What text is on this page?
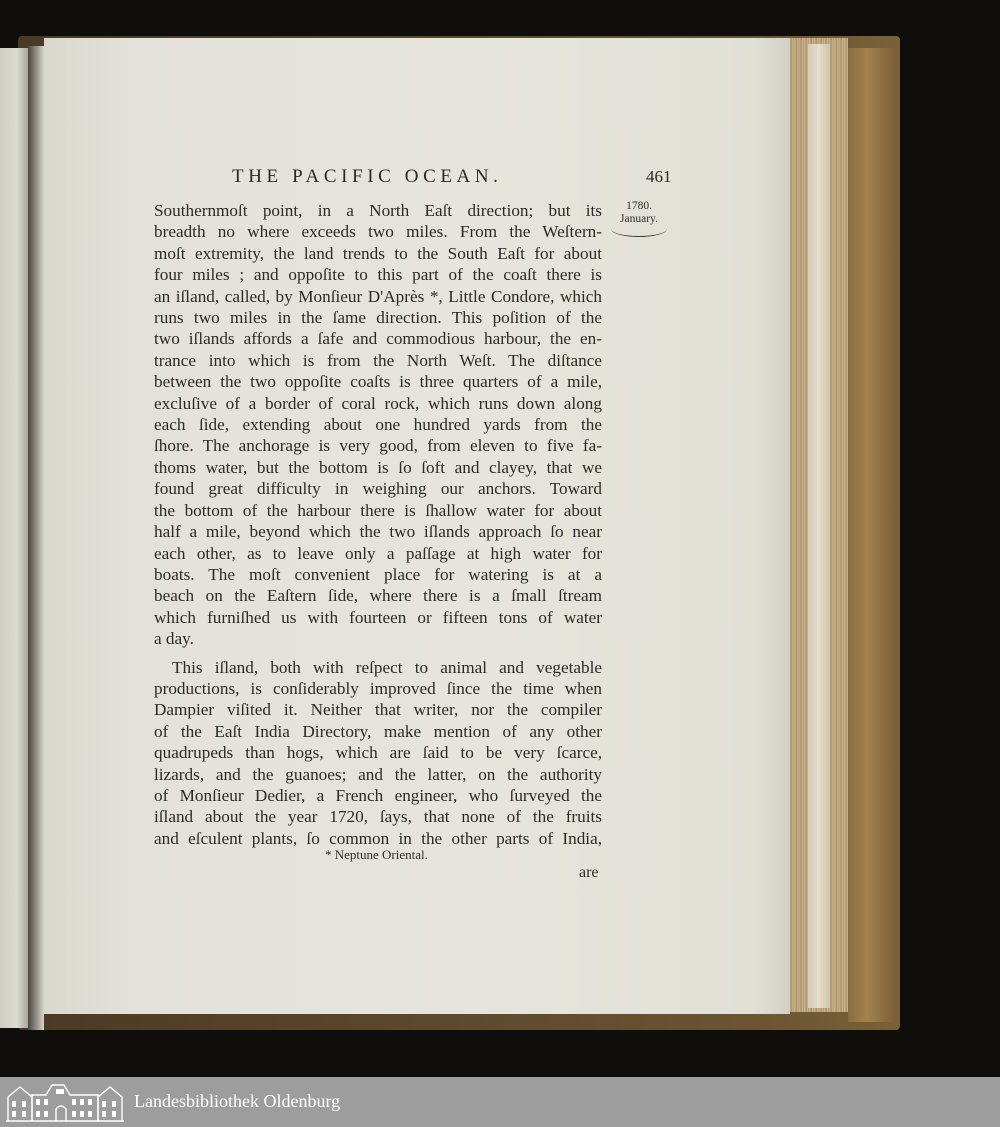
THE PACIFIC OCEAN.	461
1780.
January.
Southernmoſt point, in a North Eaſt direction; but its
breadth no where exceeds two miles. From the Weſtern-
moſt extremity, the land trends to the South Eaſt for about
four miles ; and oppoſite to this part of the coaſt there is
an iſland, called, by Monſieur D'Après *, Little Condore, which
runs two miles in the ſame direction. This poſition of the
two iſlands affords a ſafe and commodious harbour, the en-
trance into which is from the North Weſt. The diſtance
between the two oppoſite coaſts is three quarters of a mile,
excluſive of a border of coral rock, which runs down along
each ſide, extending about one hundred yards from the
ſhore. The anchorage is very good, from eleven to five fa-
thoms water, but the bottom is ſo ſoft and clayey, that we
found great difficulty in weighing our anchors. Toward
the bottom of the harbour there is ſhallow water for about
half a mile, beyond which the two iſlands approach ſo near
each other, as to leave only a paſſage at high water for
boats. The moſt convenient place for watering is at a
beach on the Eaſtern ſide, where there is a ſmall ſtream
which furniſhed us with fourteen or fifteen tons of water
a day.
This iſland, both with reſpect to animal and vegetable
productions, is conſiderably improved ſince the time when
Dampier viſited it. Neither that writer, nor the compiler
of the Eaſt India Directory, make mention of any other
quadrupeds than hogs, which are ſaid to be very ſcarce,
lizards, and the guanoes; and the latter, on the authority
of Monſieur Dedier, a French engineer, who ſurveyed the
iſland about the year 1720, ſays, that none of the fruits
and eſculent plants, ſo common in the other parts of India,
* Neptune Oriental.
are
Landesbibliothek Oldenburg
